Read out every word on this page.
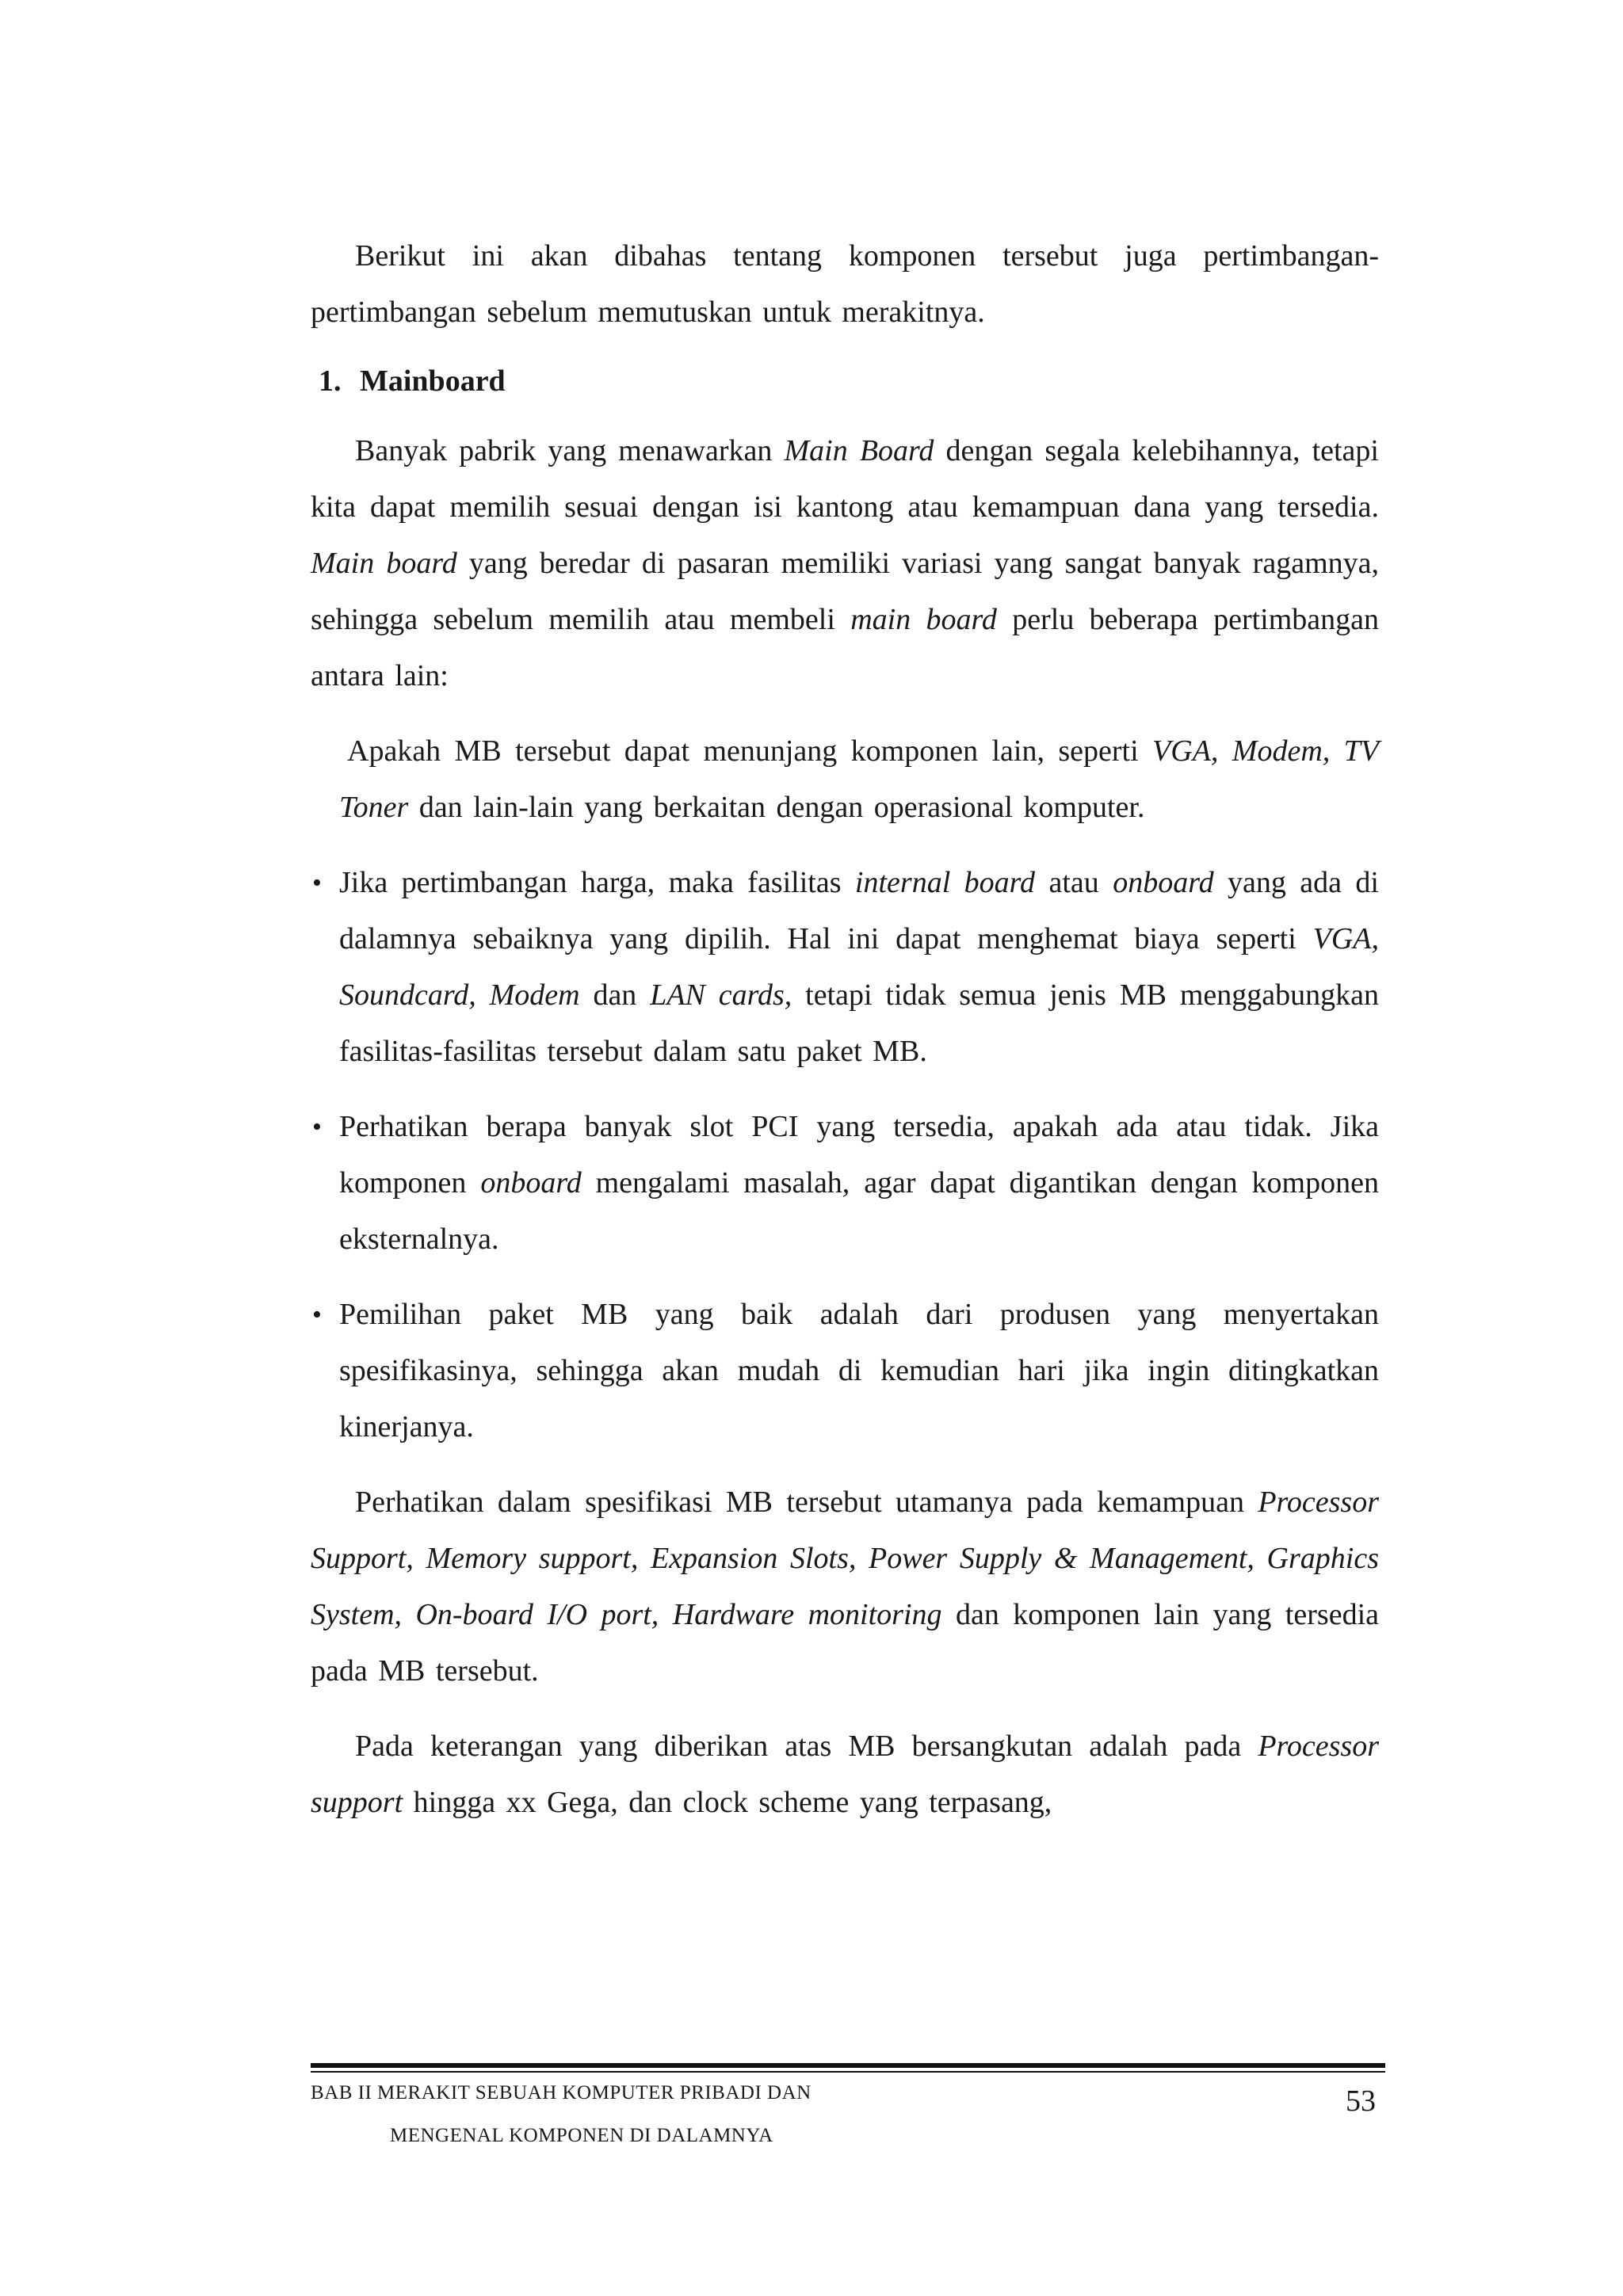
Berikut ini akan dibahas tentang komponen tersebut juga pertimbangan-pertimbangan sebelum memutuskan untuk merakitnya.

1. Mainboard

Banyak pabrik yang menawarkan Main Board dengan segala kelebihannya, tetapi kita dapat memilih sesuai dengan isi kantong atau kemampuan dana yang tersedia. Main board yang beredar di pasaran memiliki variasi yang sangat banyak ragamnya, sehingga sebelum memilih atau membeli main board perlu beberapa pertimbangan antara lain:

Apakah MB tersebut dapat menunjang komponen lain, seperti VGA, Modem, TV Toner dan lain-lain yang berkaitan dengan operasional komputer.

• Jika pertimbangan harga, maka fasilitas internal board atau onboard yang ada di dalamnya sebaiknya yang dipilih. Hal ini dapat menghemat biaya seperti VGA, Soundcard, Modem dan LAN cards, tetapi tidak semua jenis MB menggabungkan fasilitas-fasilitas tersebut dalam satu paket MB.

• Perhatikan berapa banyak slot PCI yang tersedia, apakah ada atau tidak. Jika komponen onboard mengalami masalah, agar dapat digantikan dengan komponen eksternalnya.

• Pemilihan paket MB yang baik adalah dari produsen yang menyertakan spesifikasinya, sehingga akan mudah di kemudian hari jika ingin ditingkatkan kinerjanya.

Perhatikan dalam spesifikasi MB tersebut utamanya pada kemampuan Processor Support, Memory support, Expansion Slots, Power Supply & Management, Graphics System, On-board I/O port, Hardware monitoring dan komponen lain yang tersedia pada MB tersebut.

Pada keterangan yang diberikan atas MB bersangkutan adalah pada Processor support hingga xx Gega, dan clock scheme yang terpasang,

BAB II MERAKIT SEBUAH KOMPUTER PRIBADI DAN
MENGENAL KOMPONEN DI DALAMNYA
53
